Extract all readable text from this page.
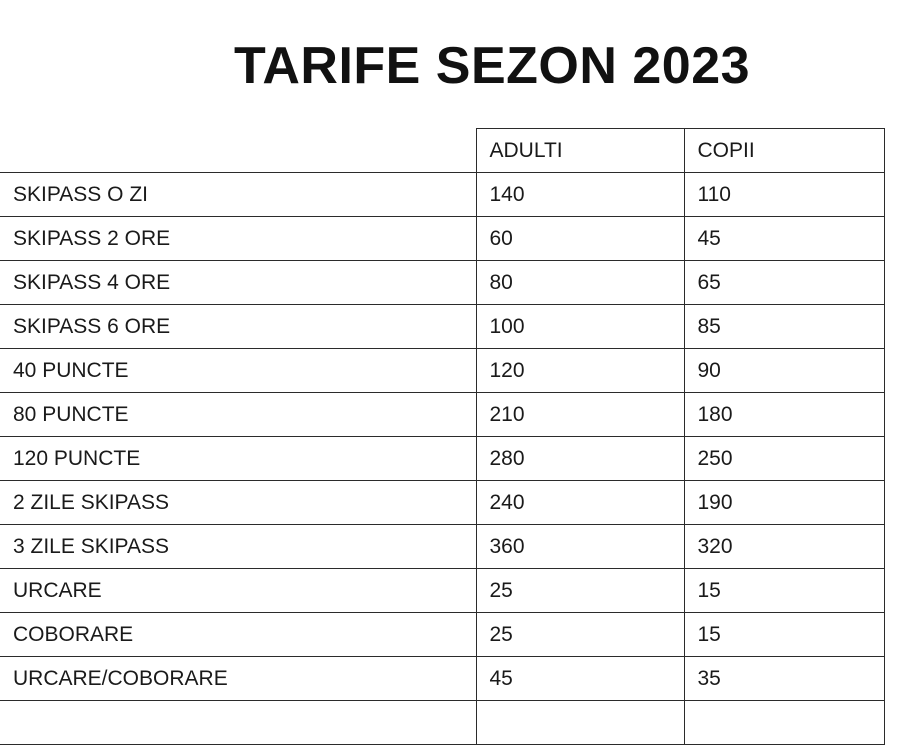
TARIFE SEZON 2023
	ADULTI	COPII
SKIPASS O ZI	140	110
SKIPASS 2 ORE	60	45
SKIPASS 4 ORE	80	65
SKIPASS 6 ORE	100	85
40 PUNCTE	120	90
80 PUNCTE	210	180
120 PUNCTE	280	250
2 ZILE SKIPASS	240	190
3 ZILE SKIPASS	360	320
URCARE	25	15
COBORARE	25	15
URCARE/COBORARE	45	35
